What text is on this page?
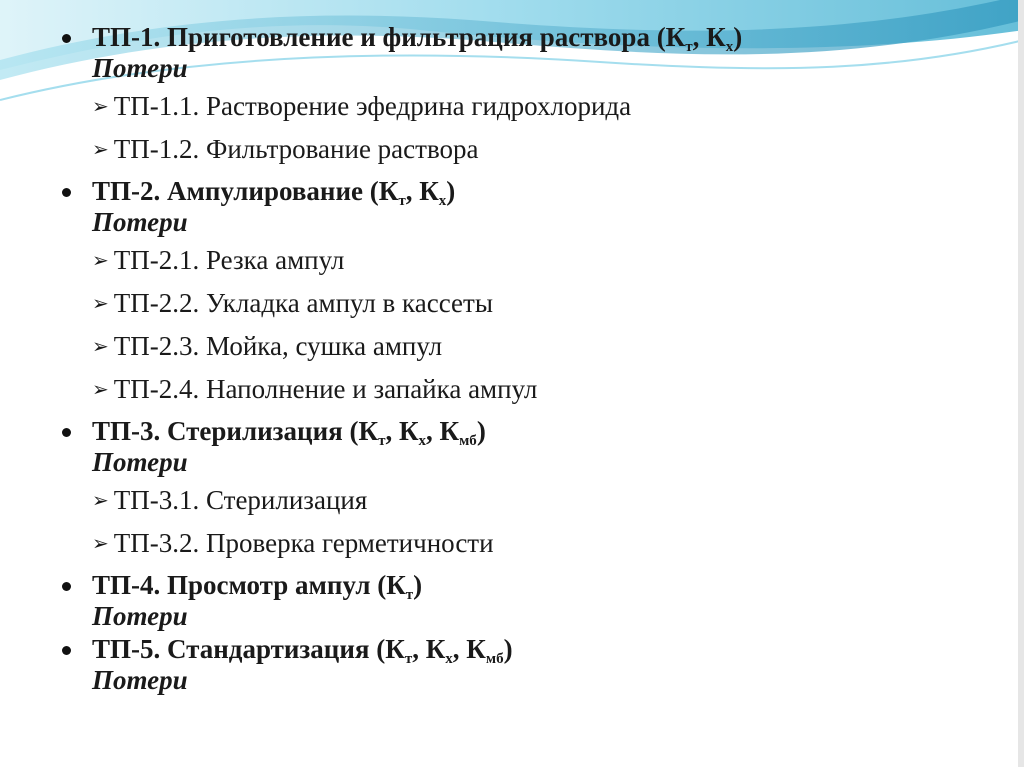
ТП-1. Приготовление и фильтрация раствора ($К_т$, $К_х$)
Потери
➢ ТП-1.1. Растворение эфедрина гидрохлорида
➢ ТП-1.2. Фильтрование раствора
ТП-2. Ампулирование ($К_т$, $К_х$)
Потери
➢ ТП-2.1. Резка ампул
➢ ТП-2.2. Укладка ампул в кассеты
➢ ТП-2.3. Мойка, сушка ампул
➢ ТП-2.4. Наполнение и запайка ампул
ТП-3. Стерилизация ($К_т$, $К_х$, $К_{мб}$)
Потери
➢ ТП-3.1. Стерилизация
➢ ТП-3.2. Проверка герметичности
ТП-4. Просмотр ампул $(К_т)$
Потери
ТП-5. Стандартизация ($К_т$, $К_х$, $К_{мб}$)
Потери
